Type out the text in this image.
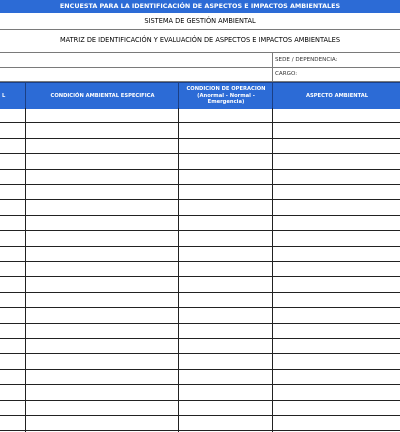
ENCUESTA PARA LA IDENTIFICACIÓN DE ASPECTOS E IMPACTOS AMBIENTALES
SISTEMA DE GESTIÓN AMBIENTAL
MATRIZ DE IDENTIFICACIÓN Y EVALUACIÓN DE ASPECTOS E IMPACTOS AMBIENTALES
SEDE / DEPENDENCIA:
CARGO:
L	CONDICIÓN AMBIENTAL ESPECIFICA
CONDICION DE OPERACION
(Anormal - Normal -
Emergencia)
ASPECTO AMBIENTAL
